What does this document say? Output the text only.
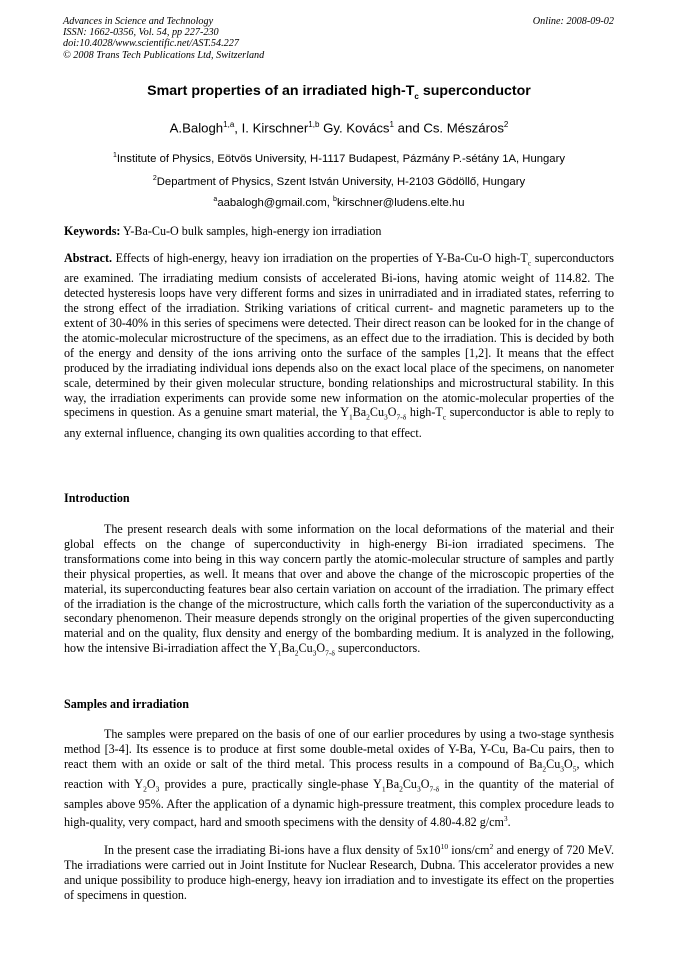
Advances in Science and Technology
ISSN: 1662-0356, Vol. 54, pp 227-230
doi:10.4028/www.scientific.net/AST.54.227
© 2008 Trans Tech Publications Ltd, Switzerland
Online: 2008-09-02
Smart properties of an irradiated high-$T_c$ superconductor
A.Balogh$^{1,a}$, I. Kirschner$^{1,b}$ Gy. Kovács$^1$ and Cs. Mészáros$^2$
$^1$Institute of Physics, Eötvös University, H-1117 Budapest, Pázmány P.-sétány 1A, Hungary
$^2$Department of Physics, Szent István University, H-2103 Gödöllő, Hungary
$^a$aabalogh@gmail.com, $^b$kirschner@ludens.elte.hu
Keywords: Y-Ba-Cu-O bulk samples, high-energy ion irradiation
Abstract. Effects of high-energy, heavy ion irradiation on the properties of Y-Ba-Cu-O high-$T_c$ superconductors are examined. The irradiating medium consists of accelerated Bi-ions, having atomic weight of 114.82. The detected hysteresis loops have very different forms and sizes in unirradiated and in irradiated states, referring to the strong effect of the irradiation. Striking variations of critical current- and magnetic parameters up to the extent of 30-40% in this series of specimens were detected. Their direct reason can be looked for in the change of the atomic-molecular microstructure of the specimens, as an effect due to the irradiation. This is decided by both of the energy and density of the ions arriving onto the surface of the samples [1,2]. It means that the effect produced by the irradiating individual ions depends also on the exact local place of the specimens, on nanometer scale, determined by their given molecular structure, bonding relationships and microstructural stability. In this way, the irradiation experiments can provide some new information on the atomic-molecular properties of the specimens in question. As a genuine smart material, the $Y_1Ba_2Cu_3O_{7-\delta}$ high-$T_c$ superconductor is able to reply to any external influence, changing its own qualities according to that effect.
Introduction
The present research deals with some information on the local deformations of the material and their global effects on the change of superconductivity in high-energy Bi-ion irradiated specimens. The transformations come into being in this way concern partly the atomic-molecular structure of samples and partly their physical properties, as well. It means that over and above the change of the microscopic properties of the material, its superconducting features bear also certain variation on account of the irradiation. The primary effect of the irradiation is the change of the microstructure, which calls forth the variation of the superconductivity as a secondary phenomenon. Their measure depends strongly on the original properties of the given superconducting material and on the quality, flux density and energy of the bombarding medium. It is analyzed in the following, how the intensive Bi-irradiation affect the $Y_1Ba_2Cu_3O_{7-\delta}$ superconductors.
Samples and irradiation
The samples were prepared on the basis of one of our earlier procedures by using a two-stage synthesis method [3-4]. Its essence is to produce at first some double-metal oxides of Y-Ba, Y-Cu, Ba-Cu pairs, then to react them with an oxide or salt of the third metal. This process results in a compound of $Ba_2Cu_3O_5$, which reaction with $Y_2O_3$ provides a pure, practically single-phase $Y_1Ba_2Cu_3O_{7-\delta}$ in the quantity of the material of samples above 95%. After the application of a dynamic high-pressure treatment, this complex procedure leads to high-quality, very compact, hard and smooth specimens with the density of 4.80-4.82 $g/cm^3$.
In the present case the irradiating Bi-ions have a flux density of $5x10^{10}$ ions/$cm^2$ and energy of 720 MeV. The irradiations were carried out in Joint Institute for Nuclear Research, Dubna. This accelerator provides a new and unique possibility to produce high-energy, heavy ion irradiation and to investigate its effect on the properties of specimens in question.
